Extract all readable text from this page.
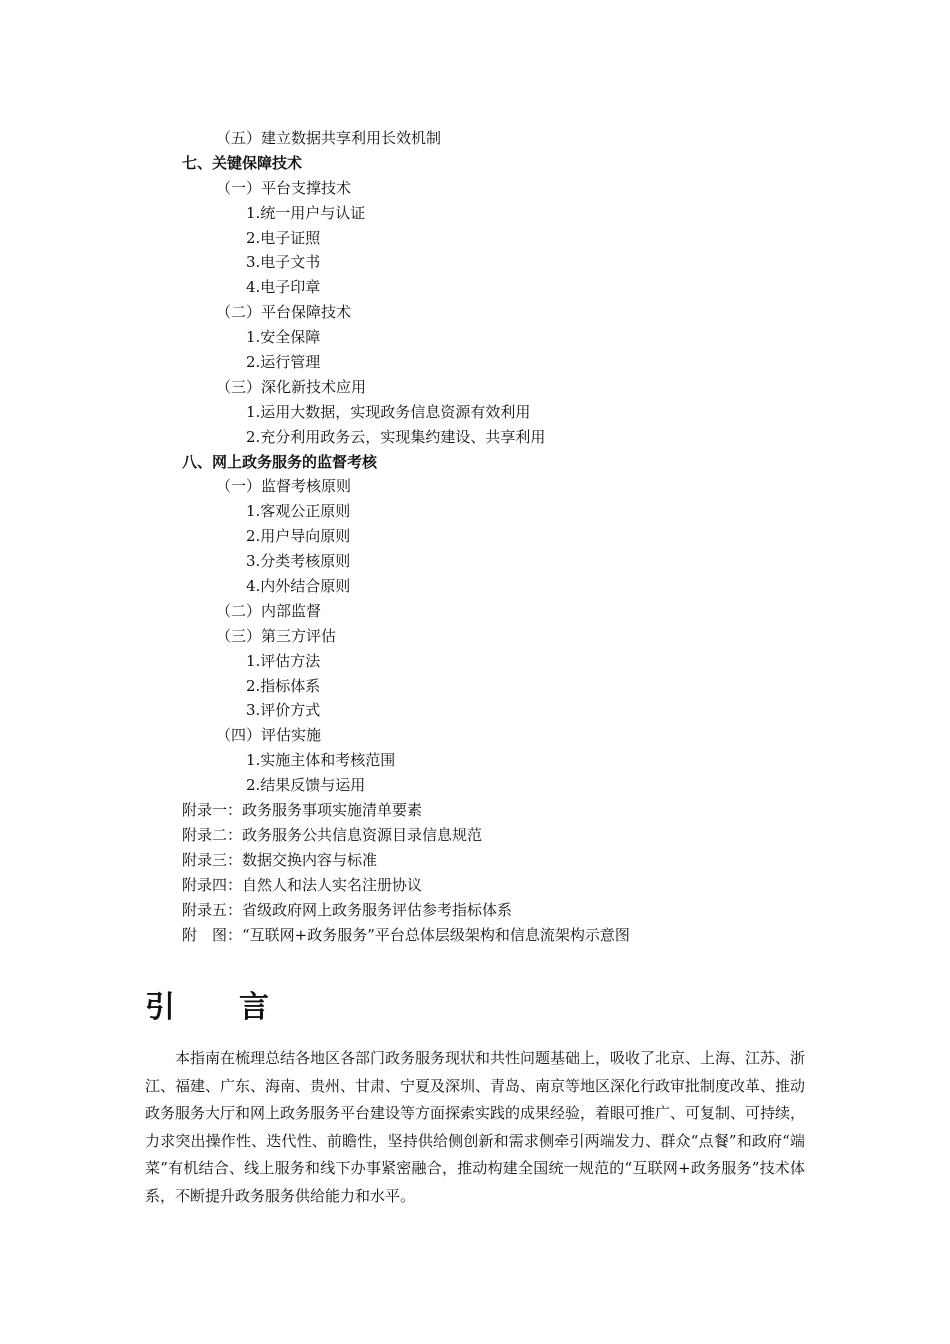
（五）建立数据共享利用长效机制
七、关键保障技术
（一）平台支撑技术
1.统一用户与认证
2.电子证照
3.电子文书
4.电子印章
（二）平台保障技术
1.安全保障
2.运行管理
（三）深化新技术应用
1.运用大数据，实现政务信息资源有效利用
2.充分利用政务云，实现集约建设、共享利用
八、网上政务服务的监督考核
（一）监督考核原则
1.客观公正原则
2.用户导向原则
3.分类考核原则
4.内外结合原则
（二）内部监督
（三）第三方评估
1.评估方法
2.指标体系
3.评价方式
（四）评估实施
1.实施主体和考核范围
2.结果反馈与运用
附录一：政务服务事项实施清单要素
附录二：政务服务公共信息资源目录信息规范
附录三：数据交换内容与标准
附录四：自然人和法人实名注册协议
附录五：省级政府网上政务服务评估参考指标体系
附　图：“互联网+政务服务”平台总体层级架构和信息流架构示意图
引 言

本指南在梳理总结各地区各部门政务服务现状和共性问题基础上，吸收了北京、上海、江苏、浙江、福建、广东、海南、贵州、甘肃、宁夏及深圳、青岛、南京等地区深化行政审批制度改革、推动政务服务大厅和网上政务服务平台建设等方面探索实践的成果经验，着眼可推广、可复制、可持续，力求突出操作性、迭代性、前瞻性，坚持供给侧创新和需求侧牵引两端发力、群众“点餐”和政府“端菜”有机结合、线上服务和线下办事紧密融合，推动构建全国统一规范的“互联网+政务服务”技术体系，不断提升政务服务供给能力和水平。
